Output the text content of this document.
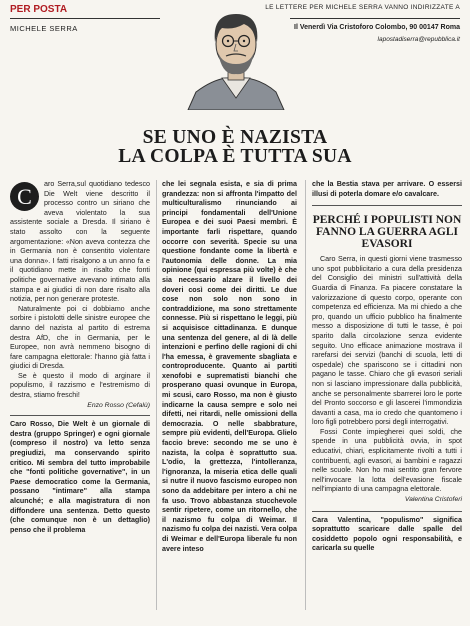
PER POSTA
MICHELE SERRA
LE LETTERE PER MICHELE SERRA VANNO INDIRIZZATE A
Il Venerdì Via Cristoforo Colombo, 90 00147 Roma
lapostadiserra@repubblica.it
SE UNO È NAZISTA
LA COLPA È TUTTA SUA
C	aro Serra,sul quotidiano tedesco Die Welt viene descritto il processo contro un siriano che aveva violentato la sua assistente sociale a Dresda. Il siriano è stato assolto con la seguente argomentazione: «Non aveva contezza che in Germania non è consentito violentare una donna». I fatti risalgono a un anno fa e il quotidiano mette in risalto che fonti politiche governative avevano intimato alla stampa e ai giudici di non dare risalto alla notizia, per non generare proteste.

Naturalmente poi ci dobbiamo anche sorbire i pistolotti delle sinistre europee che danno del nazista al partito di estrema destra AfD, che in Germania, per le Europee, non avrà nemmeno bisogno di fare campagna elettorale: l'hanno già fatta i giudici di Dresda.

Se è questo il modo di arginare il populismo, il razzismo e l'estremismo di destra, stiamo freschi!

Enzo Rosso (Cefalù)

Caro Rosso, Die Welt è un giornale di destra (gruppo Springer) e ogni giornale (compreso il nostro) va letto senza pregiudizi, ma conservando spirito critico. Mi sembra del tutto improbabile che "fonti politiche governative", in un Paese democratico come la Germania, possano "intimare" alla stampa alcunché; e alla magistratura di non diffondere una sentenza. Detto questo (che comunque non è un dettaglio) penso che il problema

che lei segnala esista, e sia di prima grandezza: non si affronta l'impatto del multiculturalismo rinunciando ai principi fondamentali dell'Unione Europea e dei suoi Paesi membri. È importante farli rispettare, quando occorre con severità. Specie su una questione fondante come la libertà e l'autonomia delle donne. La mia opinione (qui espressa più volte) è che sia necessario alzare il livello dei doveri così come dei diritti. Le due cose non solo non sono in contraddizione, ma sono strettamente connesse. Più si rispettano le leggi, più si acquisisce cittadinanza. E dunque una sentenza del genere, al di là delle intenzioni e perfino delle ragioni di chi l'ha emessa, è gravemente sbagliata e controproducente. Quanto ai partiti xenofobi e suprematisti bianchi che prosperano quasi ovunque in Europa, mi scusi, caro Rosso, ma non è giusto indicarne la causa sempre e solo nei difetti, nei ritardi, nelle omissioni della democrazia. O nelle sbabbrature, sempre più evidenti, dell'Europa. Glielo faccio breve: secondo me se uno è nazista, la colpa è soprattutto sua. L'odio, la grettezza, l'intolleranza, l'ignoranza, la miseria etica delle quali si nutre il nuovo fascismo europeo non sono da addebitare per intero a chi ne fa uso. Trovo abbastanza stucchevole sentir ripetere, come un ritornello, che il nazismo fu colpa di Weimar. Il nazismo fu colpa dei nazisti. Vera colpa di Weimar e dell'Europa liberale fu non avere inteso

che la Bestia stava per arrivare. O essersi illusi di poterla domare e/o cavalcare.

PERCHÉ I POPULISTI NON FANNO LA GUERRA AGLI EVASORI

Caro Serra, in questi giorni viene trasmesso uno spot pubblicitario a cura della presidenza del Consiglio dei ministri sull'attività della Guardia di Finanza. Fa piacere constatare la valorizzazione di questo corpo, operante con competenza ed efficienza. Ma mi chiedo a che pro, quando un ufficio pubblico ha finalmente messo a disposizione di tutti le tasse, è poi sparito dalla circolazione senza evidente seguito. Uno efficace animazione mostrava il rarefarsi dei servizi (banchi di scuola, letti di ospedale) che spariscono se i cittadini non pagano le tasse. Chiaro che gli evasori seriali non si lasciano impressionare dalla pubblicità, anche se personalmente sbarrerei loro le porte del Pronto soccorso e gli lascerei l'immondizia davanti a casa, ma io credo che quantomeno i loro figli potrebbero porsi degli interrogativi.

Fossi Conte impiegherei quei soldi, che spende in una pubblicità ovvia, in spot educativi, chiari, esplicitamente rivolti a tutti i contribuenti, agli evasori, ai bambini e ragazzi nelle scuole. Non ho mai sentito gran fervore nell'invocare la lotta dell'evasione fiscale nell'impianto di una campagna elettorale.

Valentina Cristoferi

Cara Valentina, "populismo" significa soprattutto scaricare dalle spalle del cosiddetto popolo ogni responsabilità, e caricarla su quelle
